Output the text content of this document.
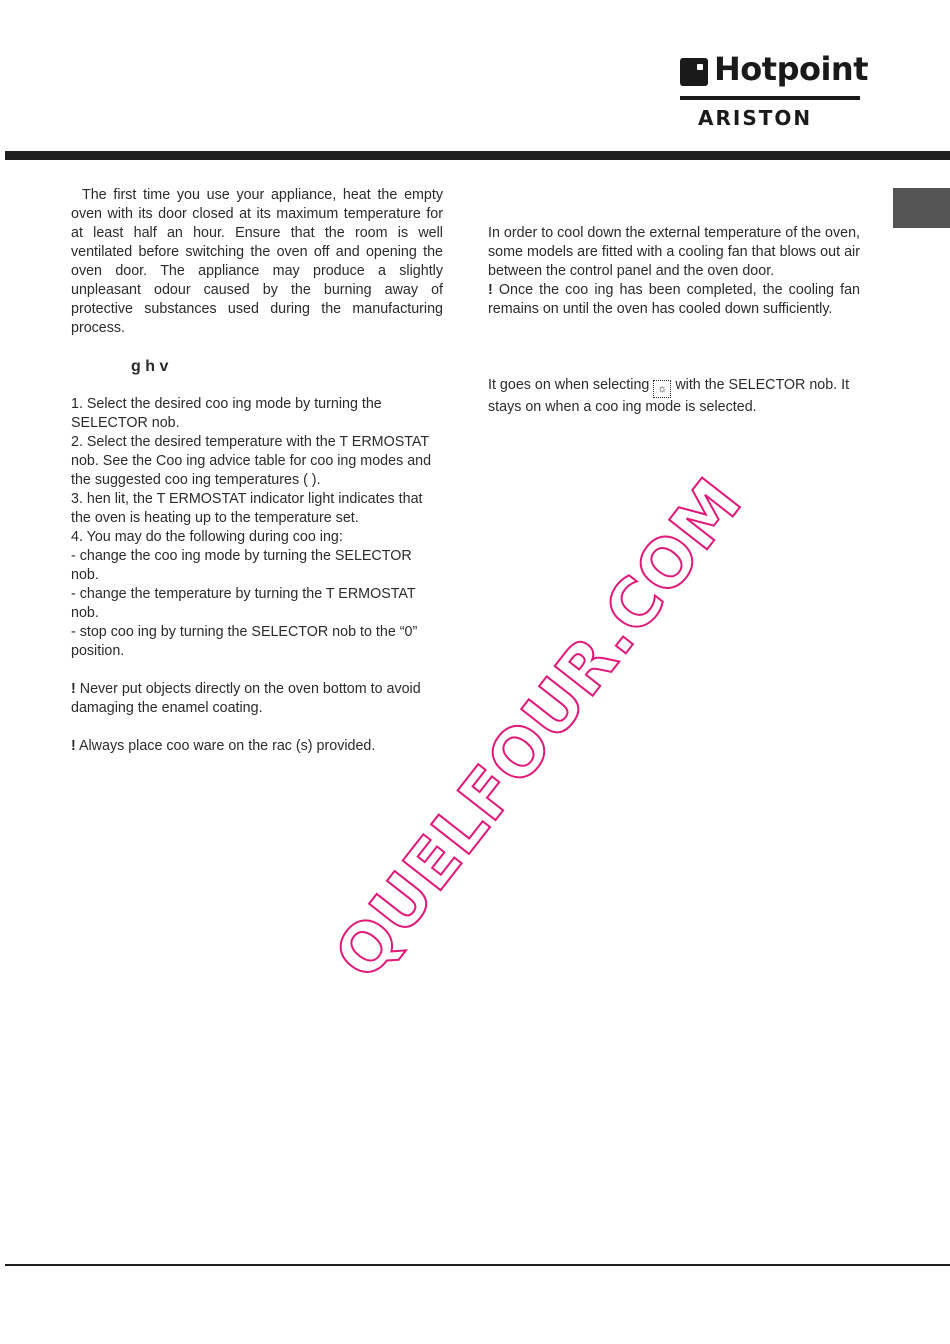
Hotpoint
ARISTON

The first time you use your appliance, heat the empty oven with its door closed at its maximum temperature for at least half an hour. Ensure that the room is well ventilated before switching the oven off and opening the oven door. The appliance may produce a slightly unpleasant odour caused by the burning away of protective substances used during the manufacturing process.

g h v

1. Select the desired coo ing mode by turning the SELECTOR nob.

2. Select the desired temperature with the T ERMOSTAT nob. See the Coo ing advice table for coo ing modes and the suggested coo ing temperatures ( ).

3. hen lit, the T ERMOSTAT indicator light indicates that the oven is heating up to the temperature set.

4. You may do the following during coo ing:

- change the coo ing mode by turning the SELECTOR nob.

- change the temperature by turning the T ERMOSTAT nob.

- stop coo ing by turning the SELECTOR nob to the “0” position.

! Never put objects directly on the oven bottom to avoid damaging the enamel coating.

! Always place coo ware on the rac (s) provided.

In order to cool down the external temperature of the oven, some models are fitted with a cooling fan that blows out air between the control panel and the oven door.

! Once the coo ing has been completed, the cooling fan remains on until the oven has cooled down sufficiently.

It goes on when selecting ☼ with the SELECTOR nob. It stays on when a coo ing mode is selected.

QUELFOUR.COM
